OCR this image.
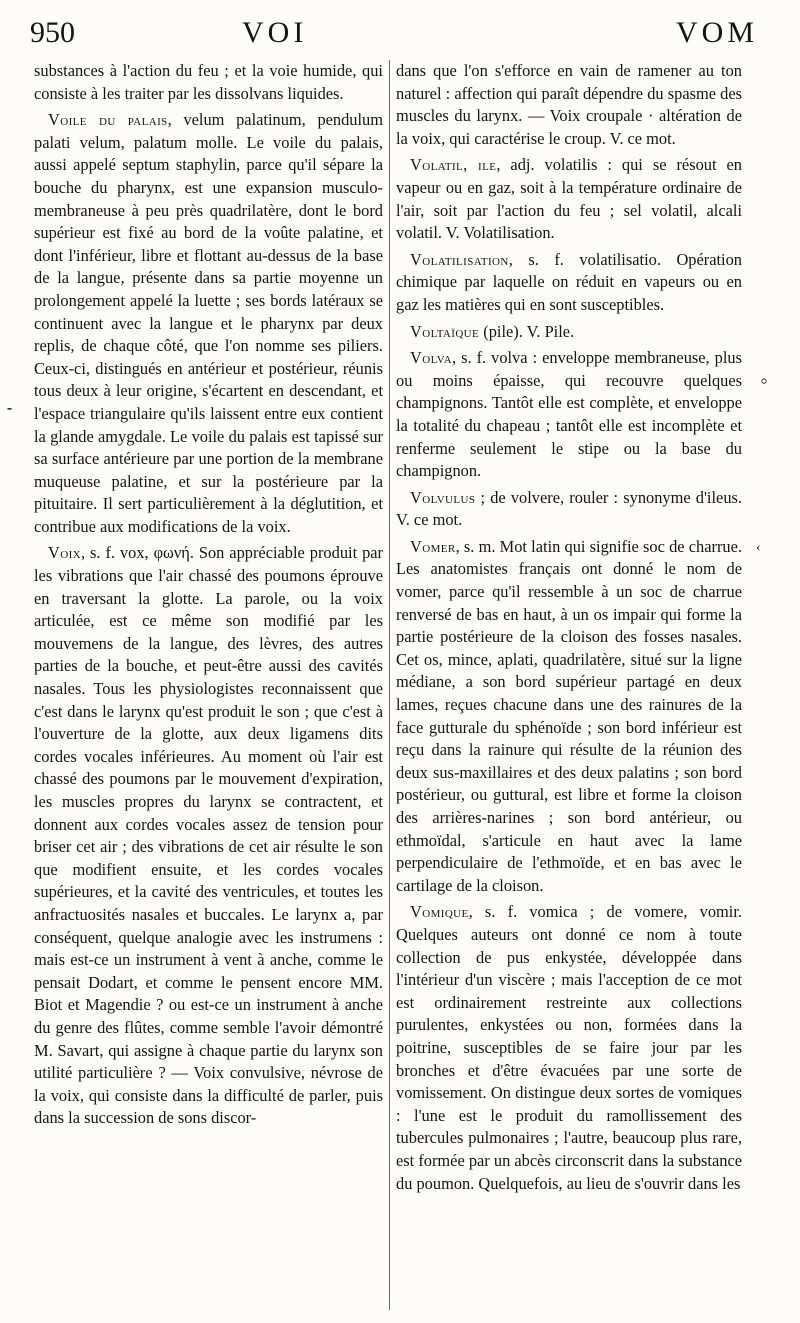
950	VOI	VOM

substances à l'action du feu ; et la voie humide, qui consiste à les traiter par les dissolvans liquides.

Voile du palais, velum palatinum, pendulum palati velum, palatum molle. Le voile du palais, aussi appelé septum staphylin, parce qu'il sépare la bouche du pharynx, est une expansion musculo-membraneuse à peu près quadrilatère, dont le bord supérieur est fixé au bord de la voûte palatine, et dont l'inférieur, libre et flottant au-dessus de la base de la langue, présente dans sa partie moyenne un prolongement appelé la luette ; ses bords latéraux se continuent avec la langue et le pharynx par deux replis, de chaque côté, que l'on nomme ses piliers. Ceux-ci, distingués en antérieur et postérieur, réunis tous deux à leur origine, s'écartent en descendant, et l'espace triangulaire qu'ils laissent entre eux contient la glande amygdale. Le voile du palais est tapissé sur sa surface antérieure par une portion de la membrane muqueuse palatine, et sur la postérieure par la pituitaire. Il sert particulièrement à la déglutition, et contribue aux modifications de la voix.

Voix, s. f. vox, φωνή. Son appréciable produit par les vibrations que l'air chassé des poumons éprouve en traversant la glotte. La parole, ou la voix articulée, est ce même son modifié par les mouvemens de la langue, des lèvres, des autres parties de la bouche, et peut-être aussi des cavités nasales. Tous les physiologistes reconnaissent que c'est dans le larynx qu'est produit le son ; que c'est à l'ouverture de la glotte, aux deux ligamens dits cordes vocales inférieures. Au moment où l'air est chassé des poumons par le mouvement d'expiration, les muscles propres du larynx se contractent, et donnent aux cordes vocales assez de tension pour briser cet air ; des vibrations de cet air résulte le son que modifient ensuite, et les cordes vocales supérieures, et la cavité des ventricules, et toutes les anfractuosités nasales et buccales. Le larynx a, par conséquent, quelque analogie avec les instrumens : mais est-ce un instrument à vent à anche, comme le pensait Dodart, et comme le pensent encore MM. Biot et Magendie ? ou est-ce un instrument à anche du genre des flûtes, comme semble l'avoir démontré M. Savart, qui assigne à chaque partie du larynx son utilité particulière ? — Voix convulsive, névrose de la voix, qui consiste dans la difficulté de parler, puis dans la succession de sons discor-

dans que l'on s'efforce en vain de ramener au ton naturel : affection qui paraît dépendre du spasme des muscles du larynx. — Voix croupale · altération de la voix, qui caractérise le croup. V. ce mot.

Volatil, ile, adj. volatilis : qui se résout en vapeur ou en gaz, soit à la température ordinaire de l'air, soit par l'action du feu ; sel volatil, alcali volatil. V. Volatilisation.

Volatilisation, s. f. volatilisatio. Opération chimique par laquelle on réduit en vapeurs ou en gaz les matières qui en sont susceptibles.

Voltaïque (pile). V. Pile.

Volva, s. f. volva : enveloppe membraneuse, plus ou moins épaisse, qui recouvre quelques champignons. Tantôt elle est complète, et enveloppe la totalité du chapeau ; tantôt elle est incomplète et renferme seulement le stipe ou la base du champignon.

Volvulus ; de volvere, rouler : synonyme d'ileus. V. ce mot.

Vomer, s. m. Mot latin qui signifie soc de charrue. Les anatomistes français ont donné le nom de vomer, parce qu'il ressemble à un soc de charrue renversé de bas en haut, à un os impair qui forme la partie postérieure de la cloison des fosses nasales. Cet os, mince, aplati, quadrilatère, situé sur la ligne médiane, a son bord supérieur partagé en deux lames, reçues chacune dans une des rainures de la face gutturale du sphénoïde ; son bord inférieur est reçu dans la rainure qui résulte de la réunion des deux sus-maxillaires et des deux palatins ; son bord postérieur, ou guttural, est libre et forme la cloison des arrières-narines ; son bord antérieur, ou ethmoïdal, s'articule en haut avec la lame perpendiculaire de l'ethmoïde, et en bas avec le cartilage de la cloison.

Vomique, s. f. vomica ; de vomere, vomir. Quelques auteurs ont donné ce nom à toute collection de pus enkystée, développée dans l'intérieur d'un viscère ; mais l'acception de ce mot est ordinairement restreinte aux collections purulentes, enkystées ou non, formées dans la poitrine, susceptibles de se faire jour par les bronches et d'être évacuées par une sorte de vomissement. On distingue deux sortes de vomiques : l'une est le produit du ramollissement des tubercules pulmonaires ; l'autre, beaucoup plus rare, est formée par un abcès circonscrit dans la substance du poumon. Quelquefois, au lieu de s'ouvrir dans les

⁃
⸰
‹
